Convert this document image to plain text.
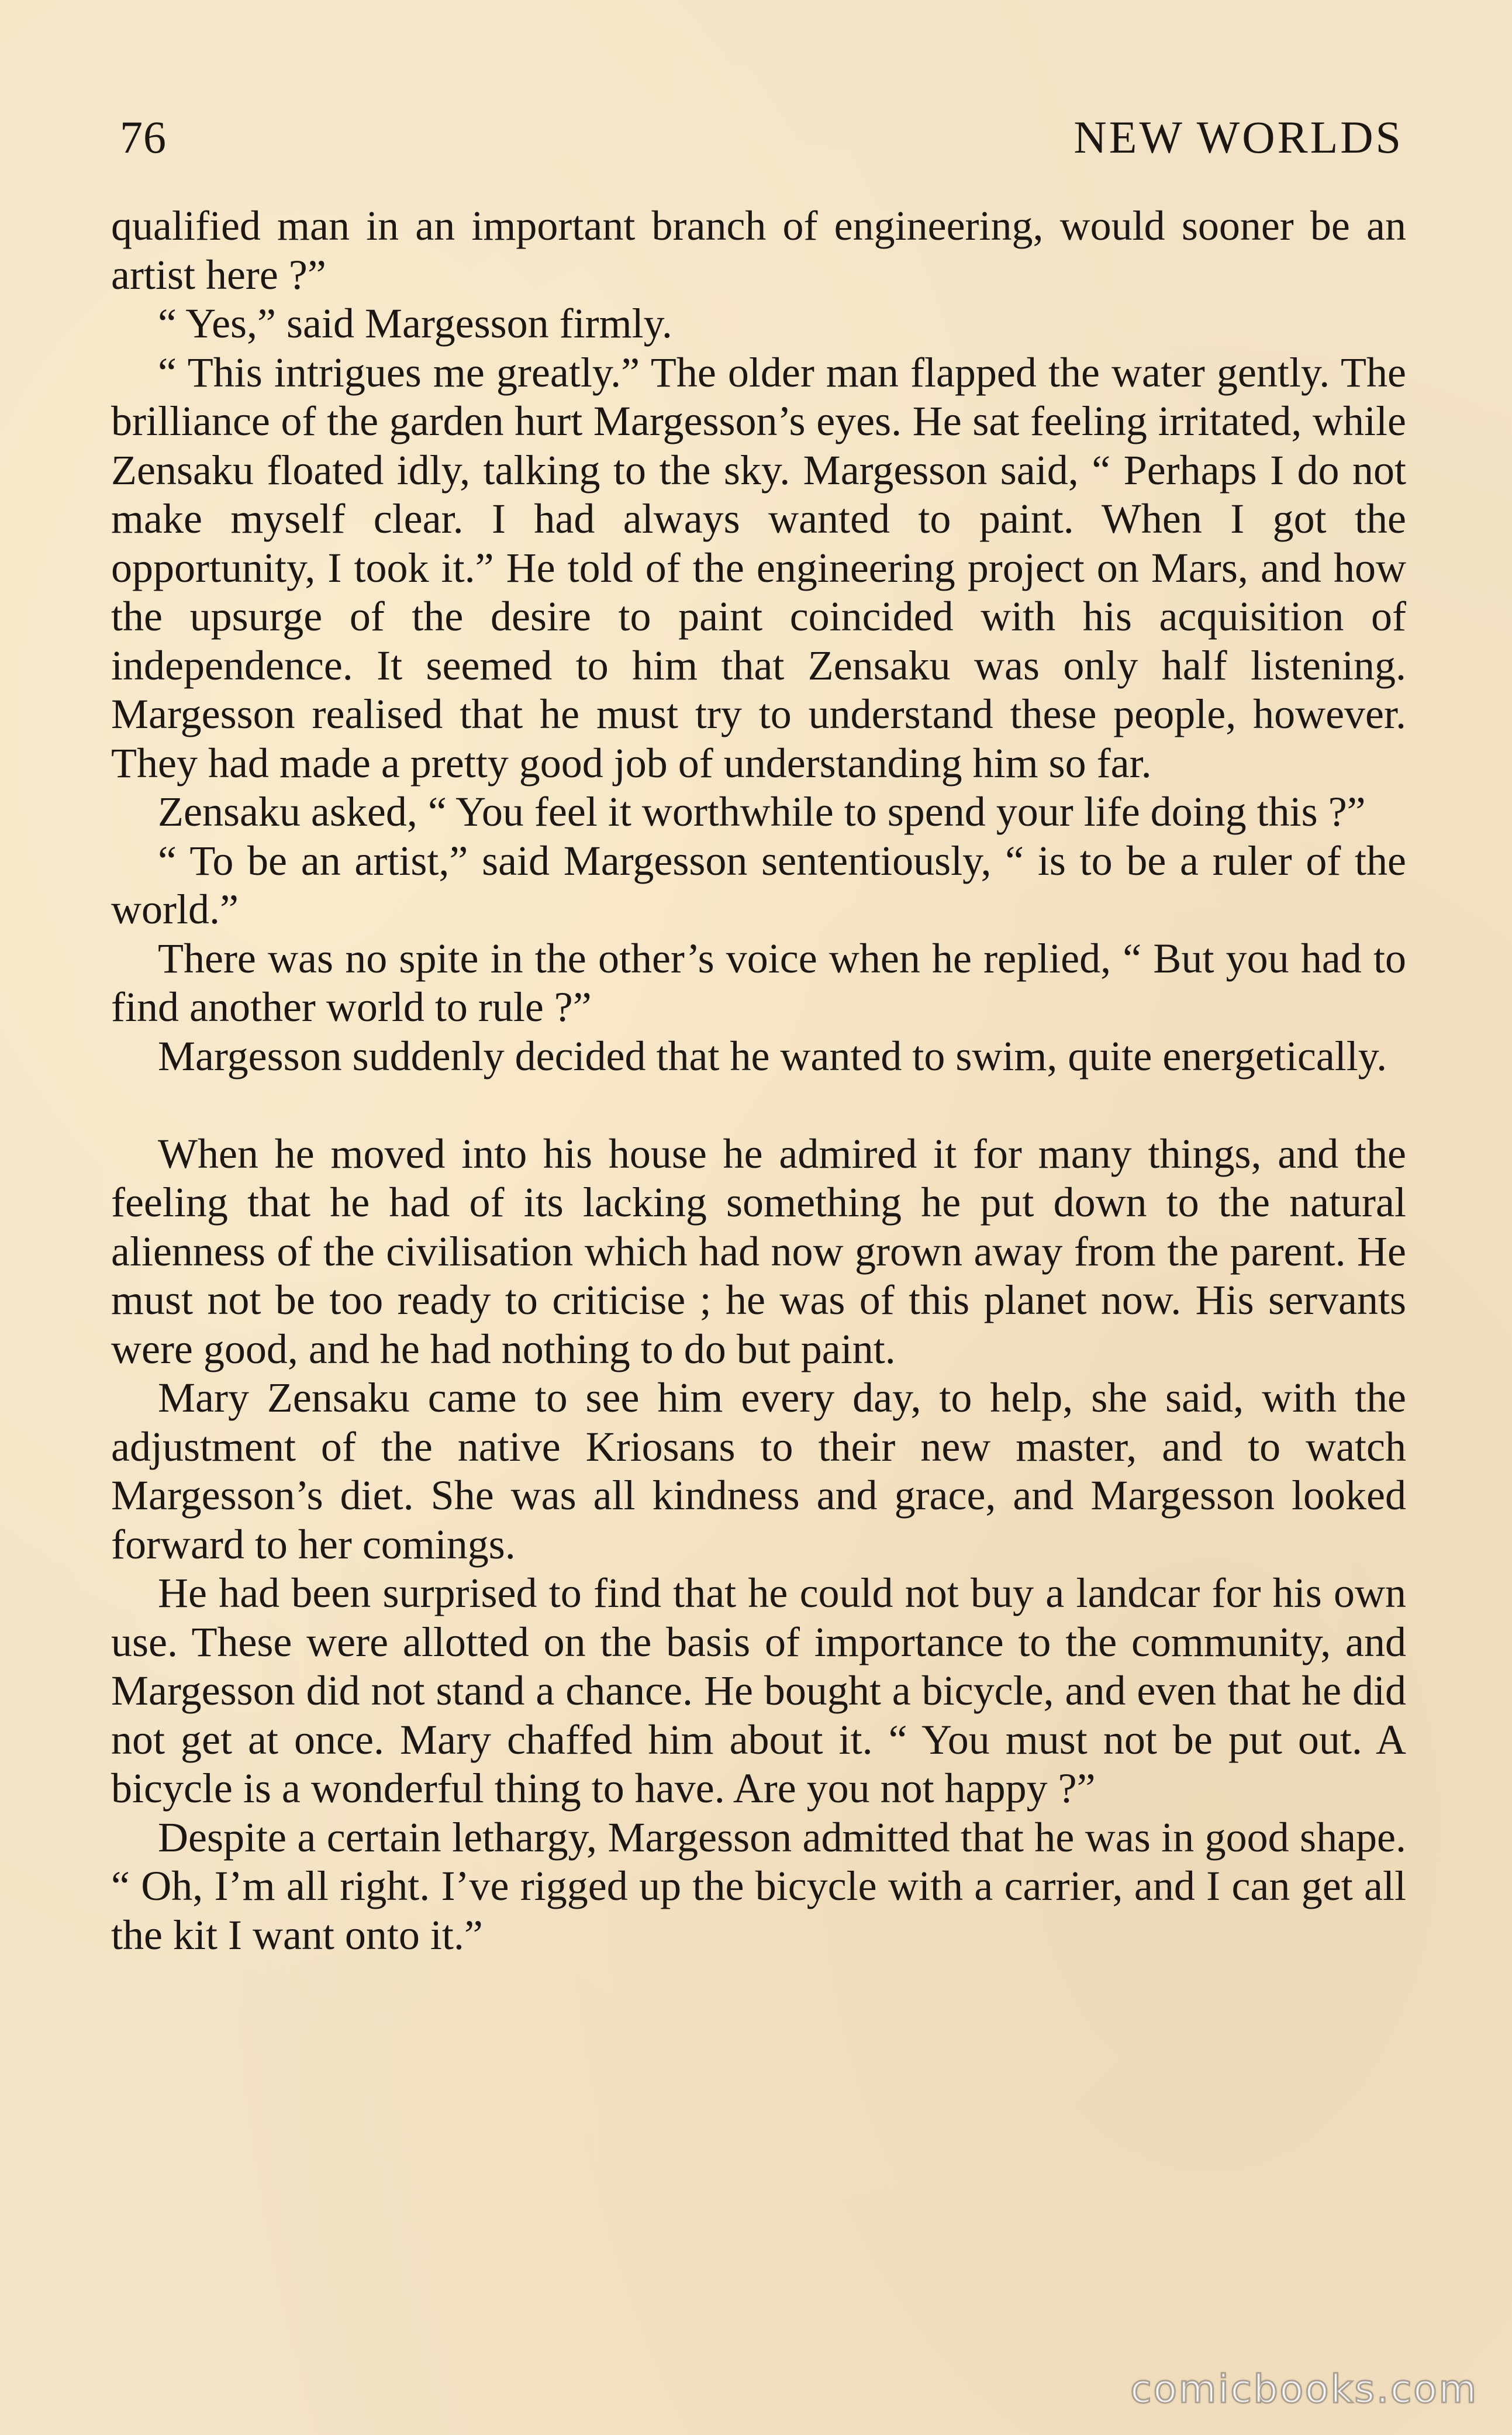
76	NEW WORLDS

qualified man in an important branch of engineering, would sooner be an artist here ?”

“ Yes,” said Margesson firmly.

“ This intrigues me greatly.” The older man flapped the water gently. The brilliance of the garden hurt Margesson’s eyes. He sat feeling irritated, while Zensaku floated idly, talking to the sky. Margesson said, “ Perhaps I do not make myself clear. I had always wanted to paint. When I got the opportunity, I took it.” He told of the engineering project on Mars, and how the upsurge of the desire to paint coincided with his acquisition of independence. It seemed to him that Zensaku was only half listening. Margesson realised that he must try to understand these people, however. They had made a pretty good job of understanding him so far.

Zensaku asked, “ You feel it worthwhile to spend your life doing this ?”

“ To be an artist,” said Margesson sententiously, “ is to be a ruler of the world.”

There was no spite in the other’s voice when he replied, “ But you had to find another world to rule ?”

Margesson suddenly decided that he wanted to swim, quite energetically.

When he moved into his house he admired it for many things, and the feeling that he had of its lacking something he put down to the natural alienness of the civilisation which had now grown away from the parent. He must not be too ready to criticise ; he was of this planet now. His servants were good, and he had nothing to do but paint.

Mary Zensaku came to see him every day, to help, she said, with the adjustment of the native Kriosans to their new master, and to watch Margesson’s diet. She was all kindness and grace, and Margesson looked forward to her comings.

He had been surprised to find that he could not buy a landcar for his own use. These were allotted on the basis of importance to the community, and Margesson did not stand a chance. He bought a bicycle, and even that he did not get at once. Mary chaffed him about it. “ You must not be put out. A bicycle is a wonderful thing to have. Are you not happy ?”

Despite a certain lethargy, Margesson admitted that he was in good shape. “ Oh, I’m all right. I’ve rigged up the bicycle with a carrier, and I can get all the kit I want onto it.”

comicbooks.com
